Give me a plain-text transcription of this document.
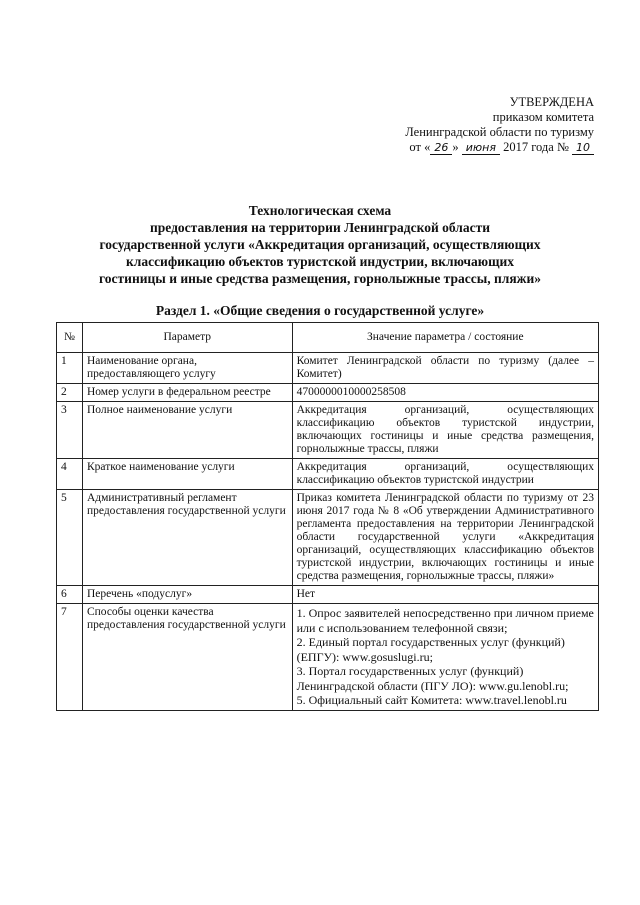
УТВЕРЖДЕНА
приказом комитета
Ленинградской области по туризму
от « 26 » июня 2017 года № 10
Технологическая схема
предоставления на территории Ленинградской области
государственной услуги «Аккредитация организаций, осуществляющих
классификацию объектов туристской индустрии, включающих
гостиницы и иные средства размещения, горнолыжные трассы, пляжи»
Раздел 1. «Общие сведения о государственной услуге»
№	Параметр	Значение параметра / состояние
1	Наименование органа, предоставляющего услугу	Комитет Ленинградской области по туризму (далее – Комитет)
2	Номер услуги в федеральном реестре	4700000010000258508
3	Полное наименование услуги	Аккредитация организаций, осуществляющих классификацию объектов туристской индустрии, включающих гостиницы и иные средства размещения, горнолыжные трассы, пляжи
4	Краткое наименование услуги	Аккредитация организаций, осуществляющих классификацию объектов туристской индустрии
5	Административный регламент предоставления государственной услуги	Приказ комитета Ленинградской области по туризму от 23 июня 2017 года № 8 «Об утверждении Административного регламента предоставления на территории Ленинградской области государственной услуги «Аккредитация организаций, осуществляющих классификацию объектов туристской индустрии, включающих гостиницы и иные средства размещения, горнолыжные трассы, пляжи»
6	Перечень «подуслуг»	Нет
7	Способы оценки качества предоставления государственной услуги	1. Опрос заявителей непосредственно при личном приеме или с использованием телефонной связи;
2. Единый портал государственных услуг (функций) (ЕПГУ): www.gosuslugi.ru;
3. Портал государственных услуг (функций) Ленинградской области (ПГУ ЛО): www.gu.lenobl.ru;
5. Официальный сайт Комитета: www.travel.lenobl.ru
